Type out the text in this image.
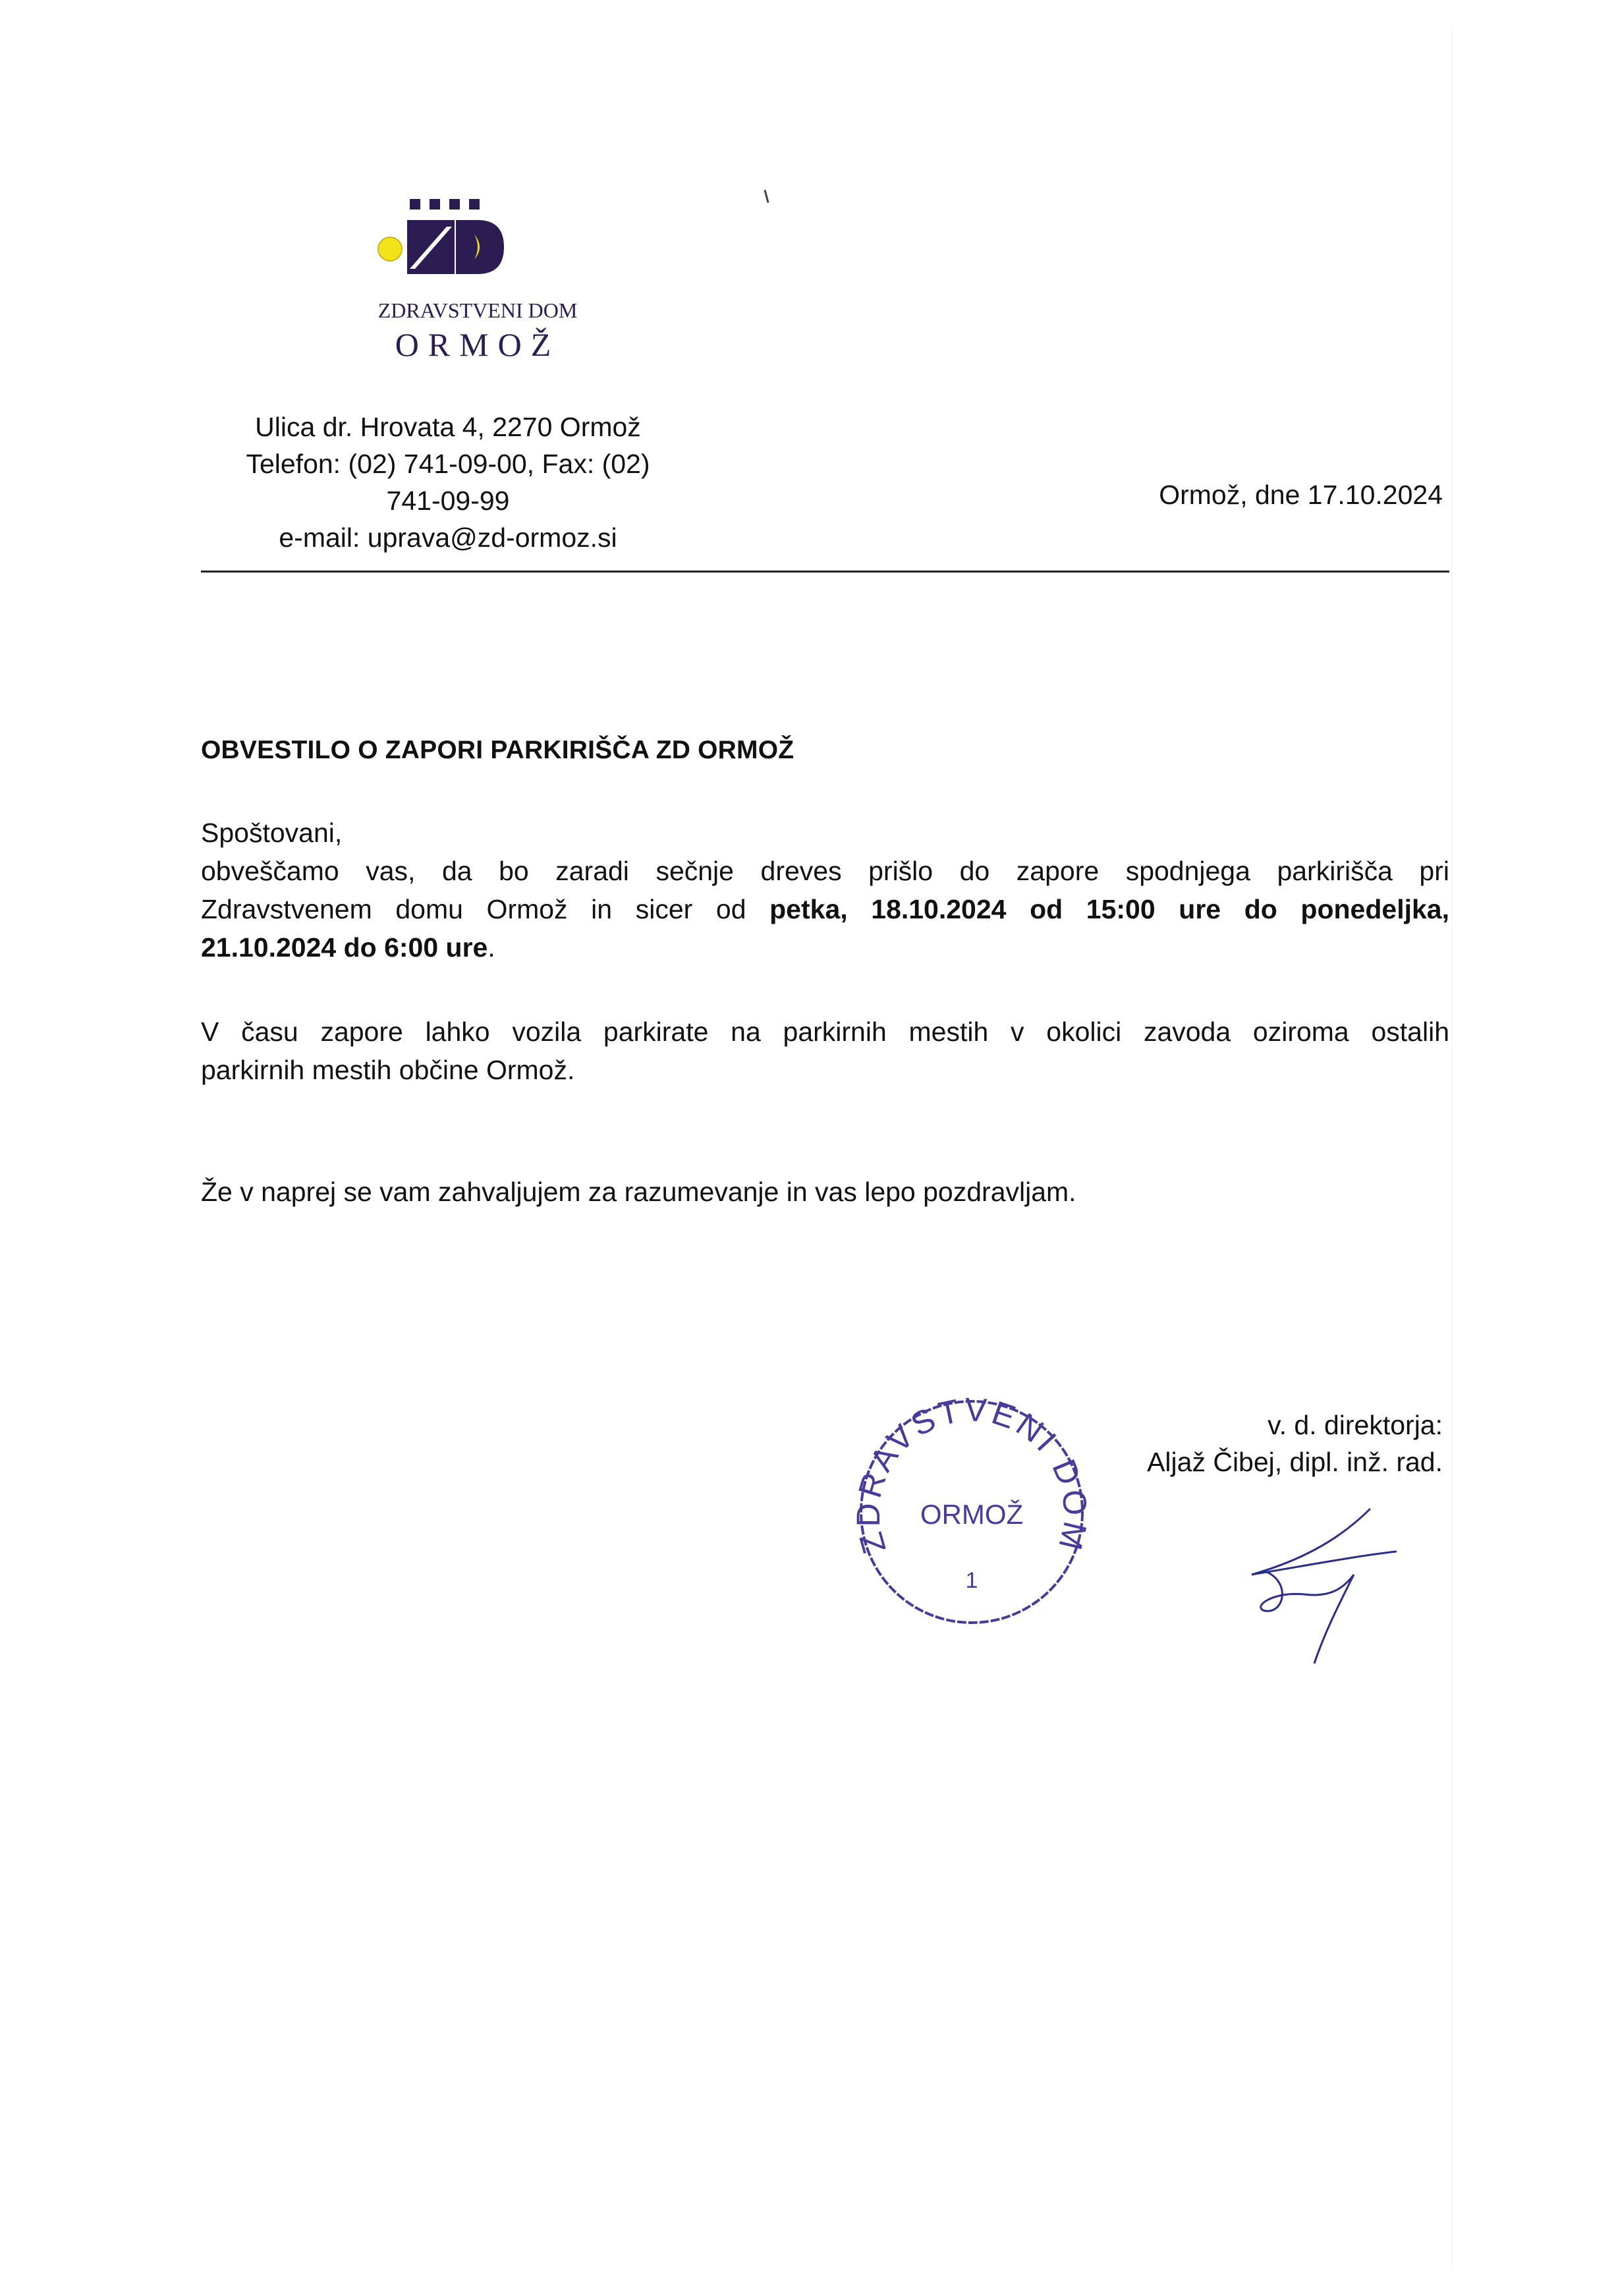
ZDRAVSTVENI DOM
ORMOŽ
Ulica dr. Hrovata 4, 2270 Ormož
Telefon: (02) 741-09-00, Fax: (02)
741-09-99
e-mail: uprava@zd-ormoz.si
Ormož, dne 17.10.2024
OBVESTILO O ZAPORI PARKIRIŠČA ZD ORMOŽ
Spoštovani,
obveščamo vas, da bo zaradi sečnje dreves prišlo do zapore spodnjega parkirišča pri
Zdravstvenem domu Ormož in sicer od petka, 18.10.2024 od 15:00 ure do ponedeljka,
21.10.2024 do 6:00 ure.
V času zapore lahko vozila parkirate na parkirnih mestih v okolici zavoda oziroma ostalih
parkirnih mestih občine Ormož.
Že v naprej se vam zahvaljujem za razumevanje in vas lepo pozdravljam.
v. d. direktorja:
Aljaž Čibej, dipl. inž. rad.
ZDRAVSTVENI DOM
ORMOŽ
1
